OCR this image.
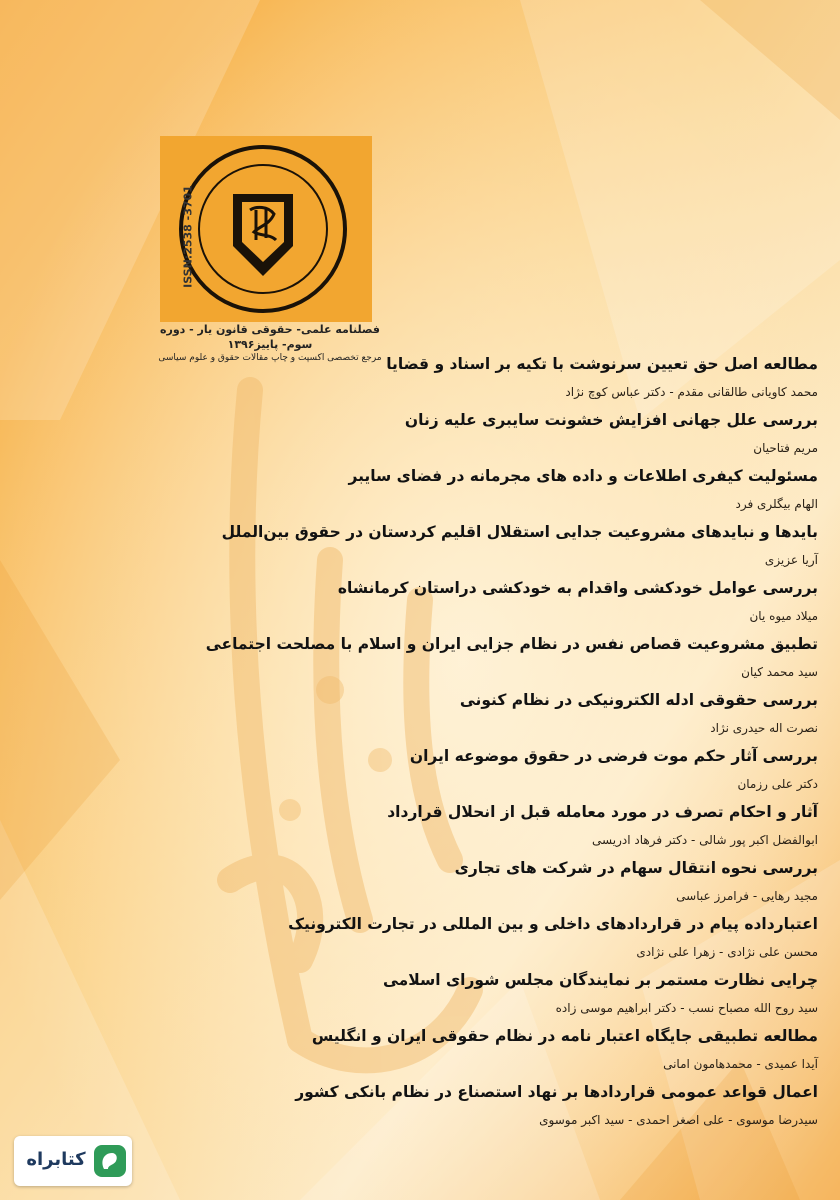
ISSN:2538 -3701
فصلنامه علمی- حقوقی قانون یار - دوره سوم- پاییز۱۳۹۶
مرجع تخصصی اکسپت و چاپ مقالات حقوق و علوم سیاسی مطالعه اصل حق تعیین سرنوشت با تکیه بر اسناد و قضایا
محمد کاویانی طالقانی مقدم - دکتر عباس کوچ نژاد
بررسی علل جهانی افزایش خشونت سایبری علیه زنان
مریم فتاحیان
مسئولیت کیفری اطلاعات و داده های مجرمانه در فضای سایبر
الهام بیگلری فرد
بایدها و نبایدهای مشروعیت جدایی استقلال اقلیم کردستان در حقوق بین‌الملل
آریا عزیزی
بررسی عوامل خودکشی واقدام به خودکشی دراستان کرمانشاه
میلاد میوه یان
تطبیق مشروعیت قصاص نفس در نظام جزایی ایران و اسلام با مصلحت اجتماعی
سید محمد کیان
بررسی حقوقی ادله الکترونیکی در نظام کنونی
نصرت اله حیدری نژاد
بررسی آثار حکم موت فرضی در حقوق موضوعه ایران
دکتر علی رزمان
آثار و احکام تصرف در مورد معامله قبل از انحلال قرارداد
ابوالفضل اکبر پور شالی - دکتر فرهاد ادریسی
بررسی نحوه انتقال سهام در شرکت های تجاری
مجید رهایی - فرامرز عباسی
اعتبارداده پیام در قراردادهای داخلی و بین المللی در تجارت الکترونیک
محسن علی نژادی - زهرا علی نژادی
چرایی نظارت مستمر بر نمایندگان مجلس شورای اسلامی
سید روح الله مصباح نسب - دکتر ابراهیم موسی زاده
مطالعه تطبیقی جایگاه اعتبار نامه در نظام حقوقی ایران و انگلیس
آیدا عمیدی - محمدهامون امانی
اعمال قواعد عمومی قراردادها بر نهاد استصناع در نظام بانکی کشور
سیدرضا موسوی - علی اصغر احمدی - سید اکبر موسوی
کتابراه
